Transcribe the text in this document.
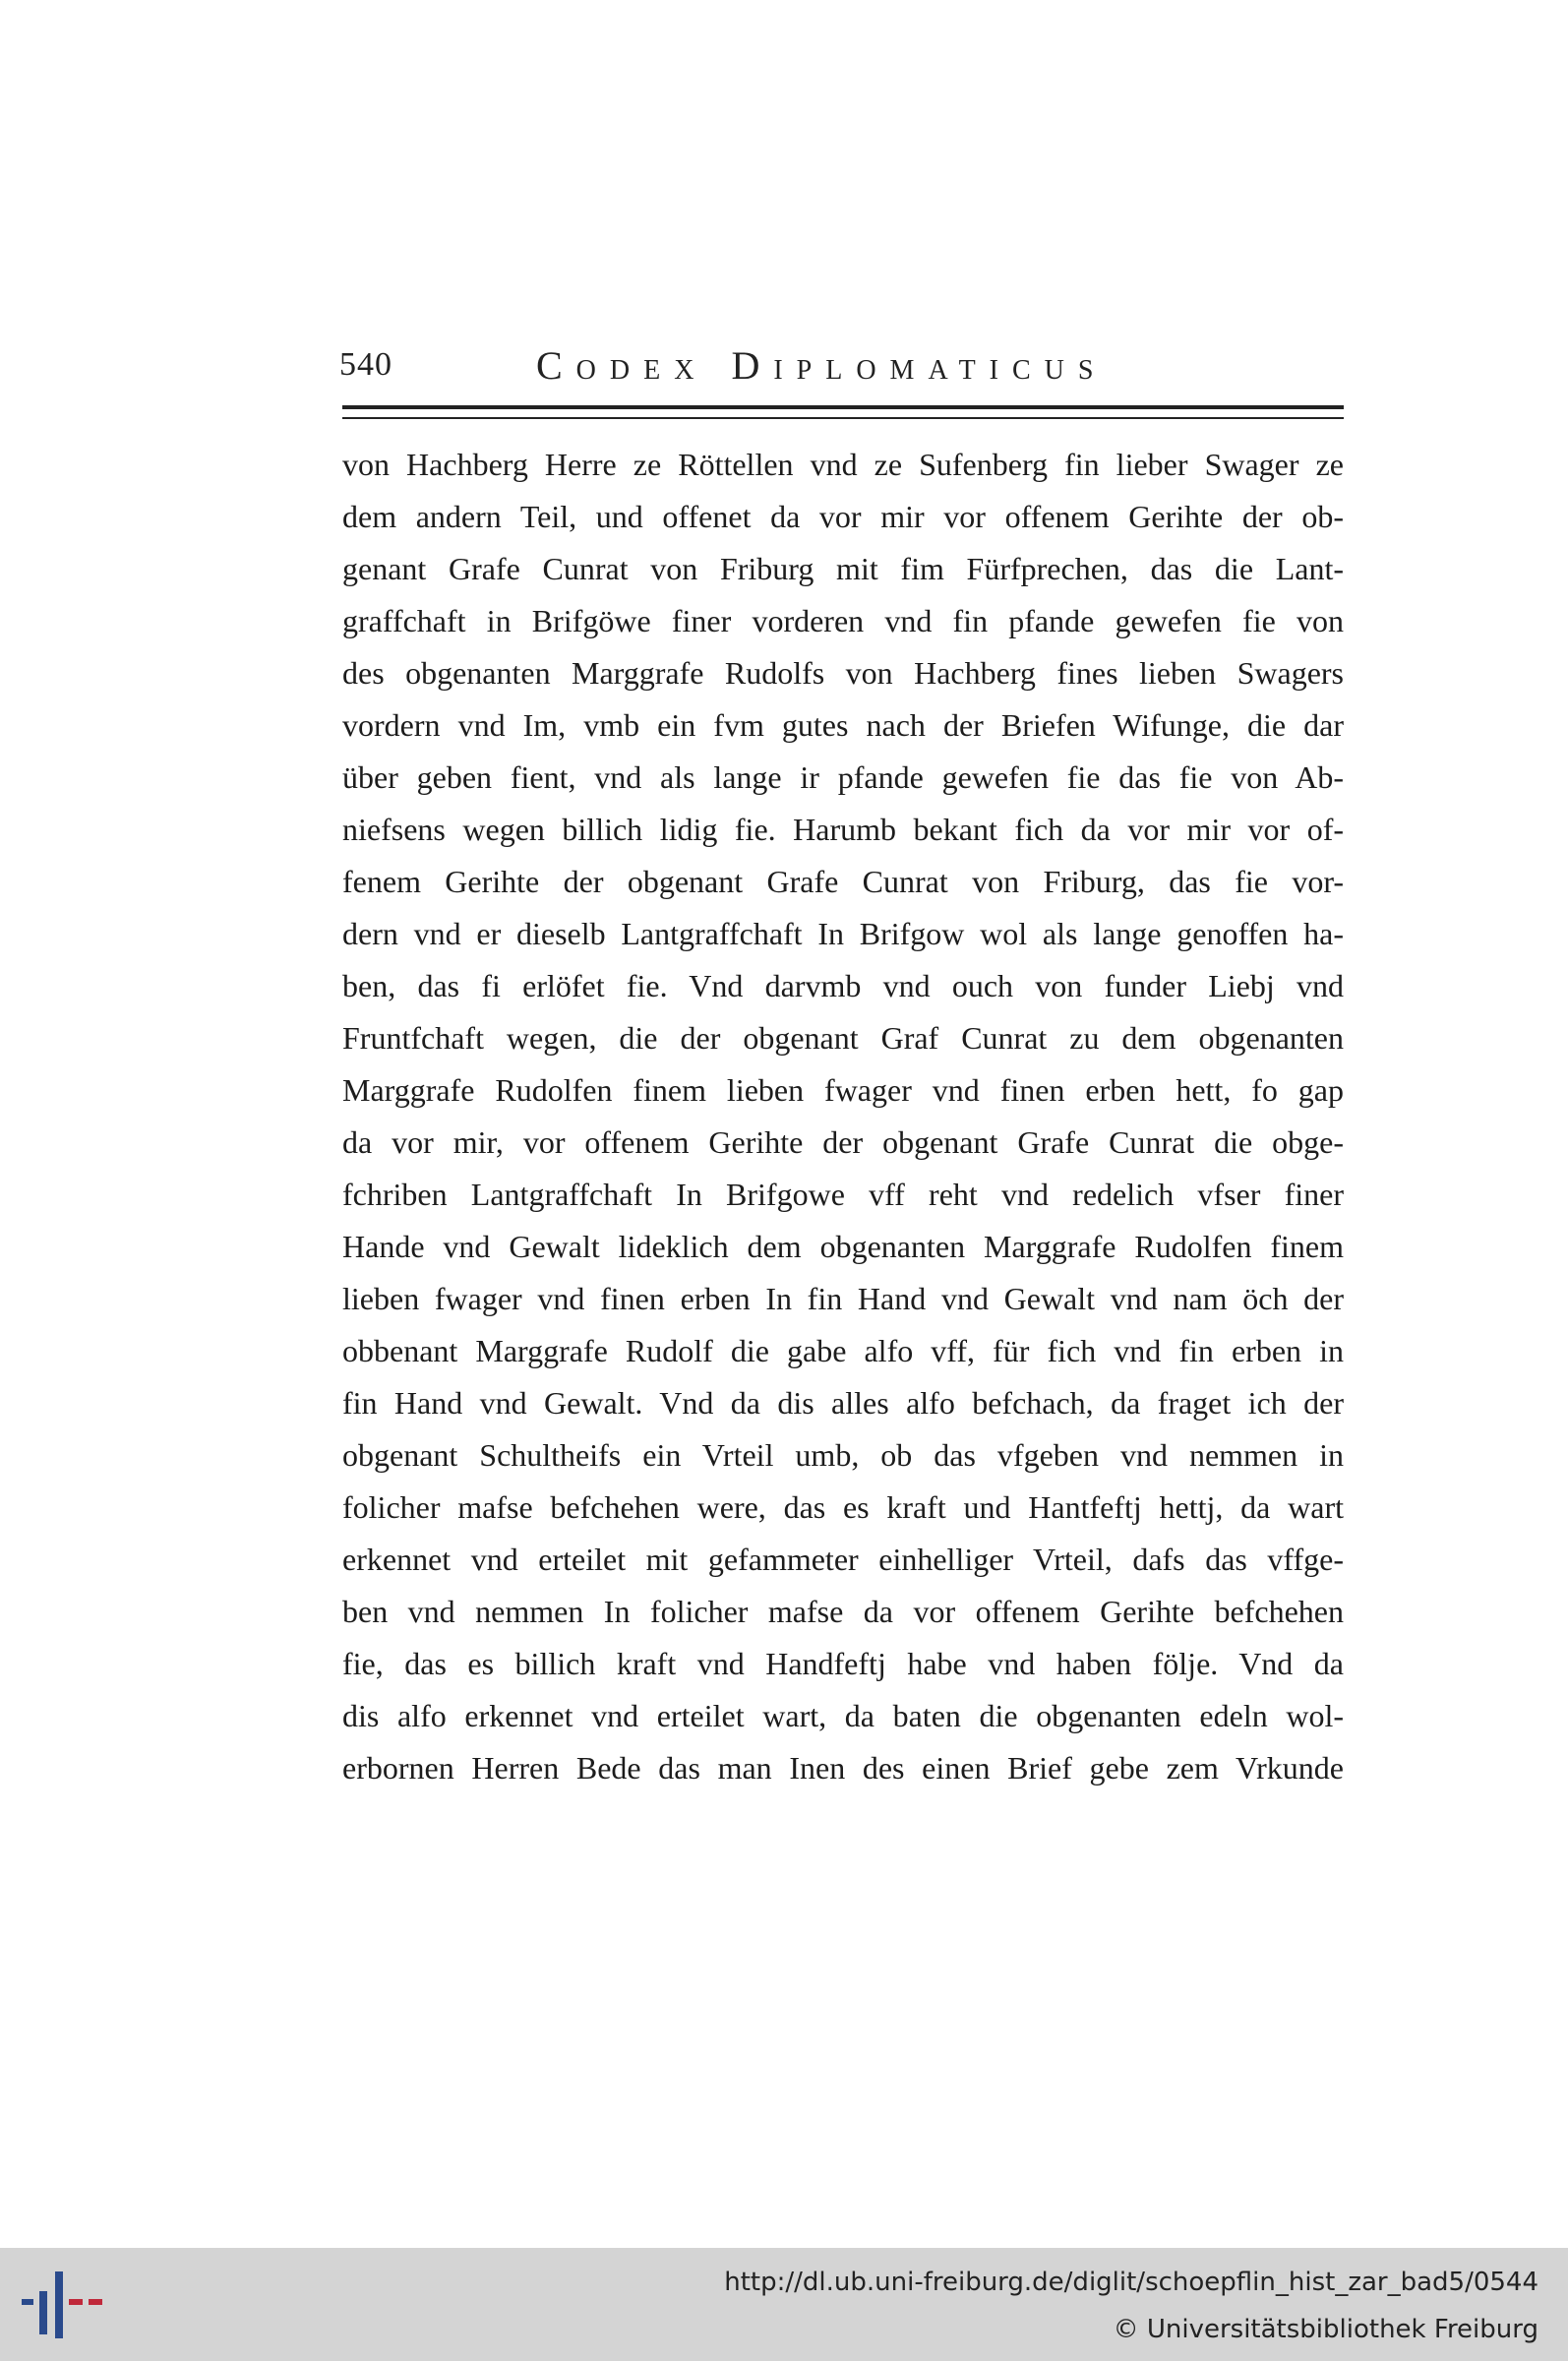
540	Codex Diplomaticus
von Hachberg Herre ze Röttellen vnd ze Sufenberg fin lieber Swager ze
dem andern Teil, und offenet da vor mir vor offenem Gerihte der ob-
genant Grafe Cunrat von Friburg mit fim Fürfprechen, das die Lant-
graffchaft in Brifgöwe finer vorderen vnd fin pfande gewefen fie von
des obgenanten Marggrafe Rudolfs von Hachberg fines lieben Swagers
vordern vnd Im, vmb ein fvm gutes nach der Briefen Wifunge, die dar
über geben fient, vnd als lange ir pfande gewefen fie das fie von Ab-
niefsens wegen billich lidig fie. Harumb bekant fich da vor mir vor of-
fenem Gerihte der obgenant Grafe Cunrat von Friburg, das fie vor-
dern vnd er dieselb Lantgraffchaft In Brifgow wol als lange genoffen ha-
ben, das fi erlöfet fie. Vnd darvmb vnd ouch von funder Liebj vnd
Fruntfchaft wegen, die der obgenant Graf Cunrat zu dem obgenanten
Marggrafe Rudolfen finem lieben fwager vnd finen erben hett, fo gap
da vor mir, vor offenem Gerihte der obgenant Grafe Cunrat die obge-
fchriben Lantgraffchaft In Brifgowe vff reht vnd redelich vfser finer
Hande vnd Gewalt lideklich dem obgenanten Marggrafe Rudolfen finem
lieben fwager vnd finen erben In fin Hand vnd Gewalt vnd nam öch der
obbenant Marggrafe Rudolf die gabe alfo vff, für fich vnd fin erben in
fin Hand vnd Gewalt. Vnd da dis alles alfo befchach, da fraget ich der
obgenant Schultheifs ein Vrteil umb, ob das vfgeben vnd nemmen in
folicher mafse befchehen were, das es kraft und Hantfeftj hettj, da wart
erkennet vnd erteilet mit gefammeter einhelliger Vrteil, dafs das vffge-
ben vnd nemmen In folicher mafse da vor offenem Gerihte befchehen
fie, das es billich kraft vnd Handfeftj habe vnd haben följe. Vnd da
dis alfo erkennet vnd erteilet wart, da baten die obgenanten edeln wol-
erbornen Herren Bede das man Inen des einen Brief gebe zem Vrkunde
http://dl.ub.uni-freiburg.de/diglit/schoepflin_hist_zar_bad5/0544
© Universitätsbibliothek Freiburg
